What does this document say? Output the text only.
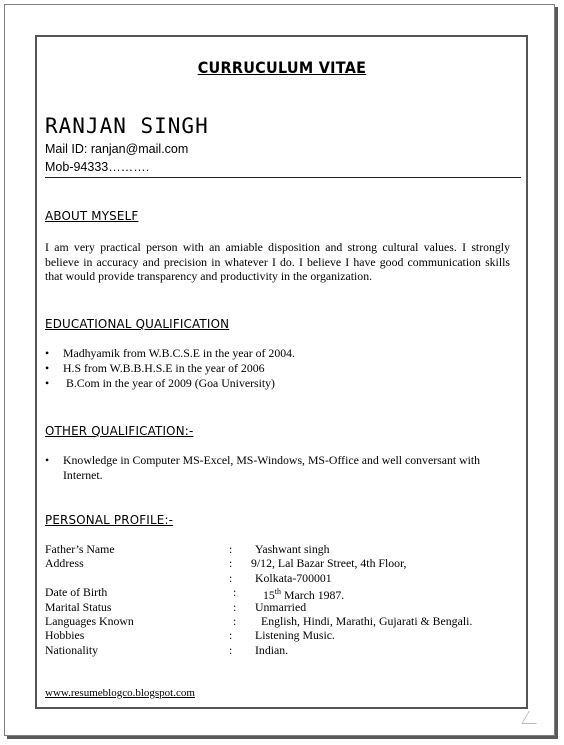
CURRUCULUM VITAE
RANJAN SINGH
Mail ID: ranjan@mail.com
Mob-94333……….
ABOUT MYSELF
I am very practical person with an amiable disposition and strong cultural values. I strongly believe in accuracy and precision in whatever I do. I believe I have good communication skills that would provide transparency and productivity in the organization.
EDUCATIONAL QUALIFICATION
• Madhyamik from W.B.C.S.E in the year of 2004.
• H.S from W.B.B.H.S.E in the year of 2006
• B.Com in the year of 2009 (Goa University)
OTHER QUALIFICATION:-
• Knowledge in Computer MS-Excel, MS-Windows, MS-Office and well conversant with Internet.
PERSONAL PROFILE:-
Father’s Name	: Yashwant singh
Address	: 9/12, Lal Bazar Street, 4th Floor,
: Kolkata-700001
Date of Birth	: 15th March 1987.
Marital Status	: Unmarried
Languages Known	: English, Hindi, Marathi, Gujarati & Bengali.
Hobbies	: Listening Music.
Nationality	: Indian.
www.resumeblogco.blogspot.com
